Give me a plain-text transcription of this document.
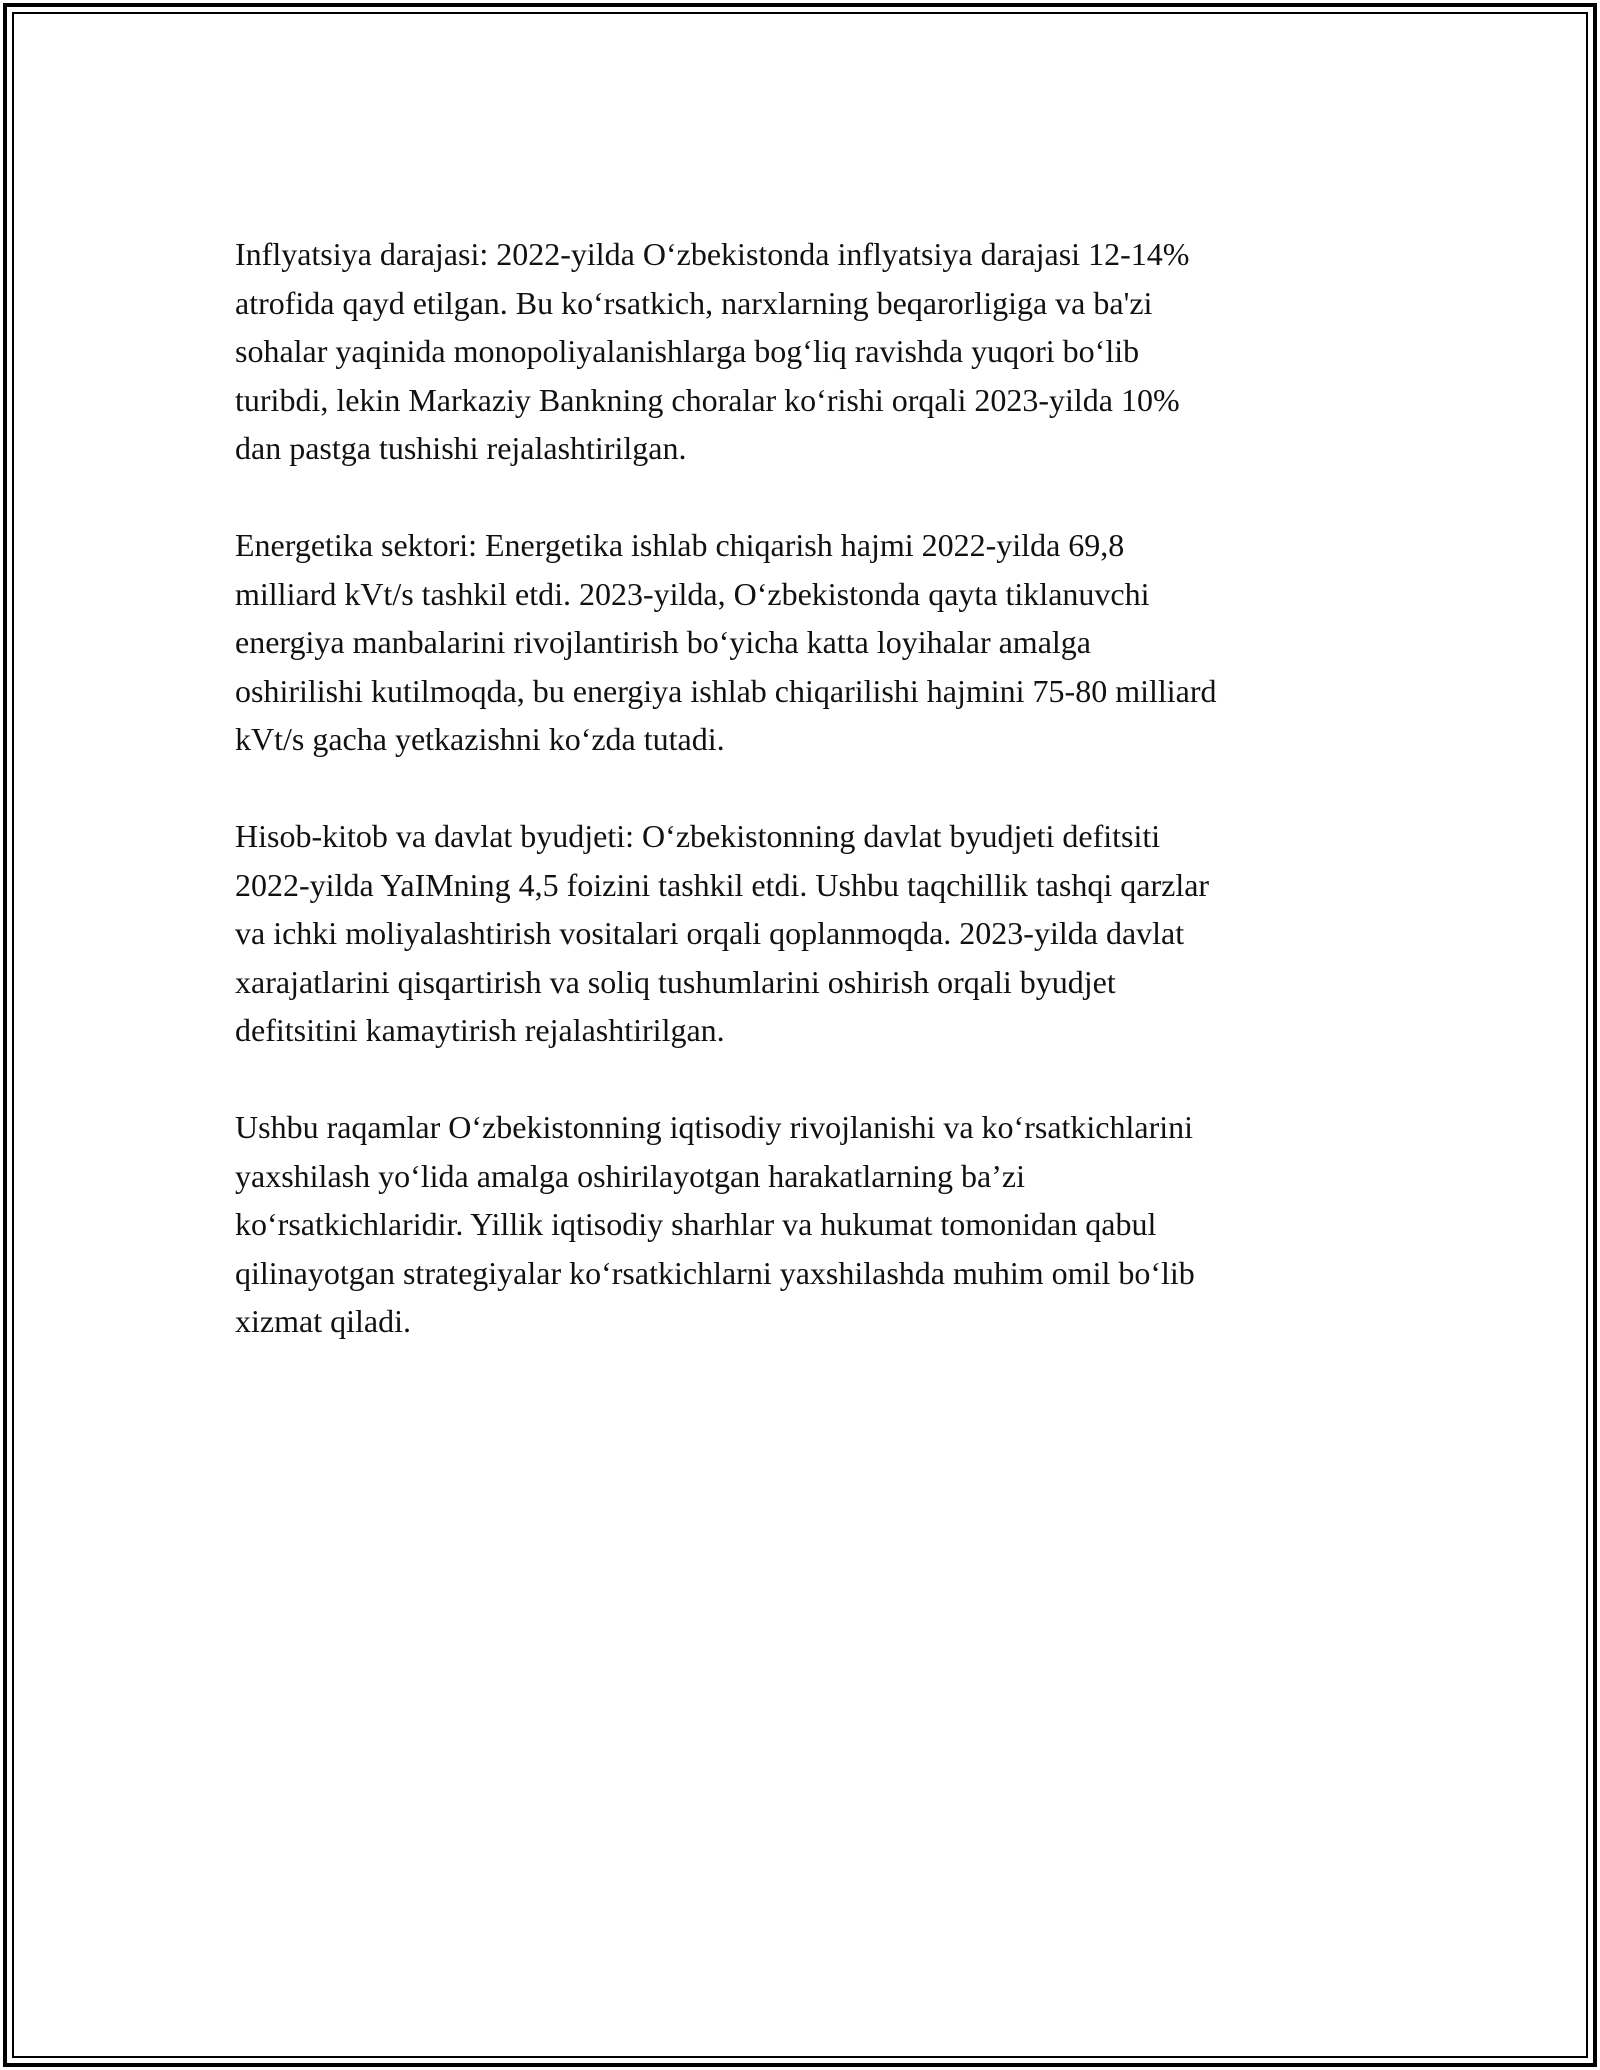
Inflyatsiya darajasi: 2022-yilda O‘zbekistonda inflyatsiya darajasi 12-14%
atrofida qayd etilgan. Bu ko‘rsatkich, narxlarning beqarorligiga va ba'zi
sohalar yaqinida monopoliyalanishlarga bog‘liq ravishda yuqori bo‘lib
turibdi, lekin Markaziy Bankning choralar ko‘rishi orqali 2023-yilda 10%
dan pastga tushishi rejalashtirilgan.

Energetika sektori: Energetika ishlab chiqarish hajmi 2022-yilda 69,8
milliard kVt/s tashkil etdi. 2023-yilda, O‘zbekistonda qayta tiklanuvchi
energiya manbalarini rivojlantirish bo‘yicha katta loyihalar amalga
oshirilishi kutilmoqda, bu energiya ishlab chiqarilishi hajmini 75-80 milliard
kVt/s gacha yetkazishni ko‘zda tutadi.

Hisob-kitob va davlat byudjeti: O‘zbekistonning davlat byudjeti defitsiti
2022-yilda YaIMning 4,5 foizini tashkil etdi. Ushbu taqchillik tashqi qarzlar
va ichki moliyalashtirish vositalari orqali qoplanmoqda. 2023-yilda davlat
xarajatlarini qisqartirish va soliq tushumlarini oshirish orqali byudjet
defitsitini kamaytirish rejalashtirilgan.

Ushbu raqamlar O‘zbekistonning iqtisodiy rivojlanishi va ko‘rsatkichlarini
yaxshilash yo‘lida amalga oshirilayotgan harakatlarning ba’zi
ko‘rsatkichlaridir. Yillik iqtisodiy sharhlar va hukumat tomonidan qabul
qilinayotgan strategiyalar ko‘rsatkichlarni yaxshilashda muhim omil bo‘lib
xizmat qiladi.
